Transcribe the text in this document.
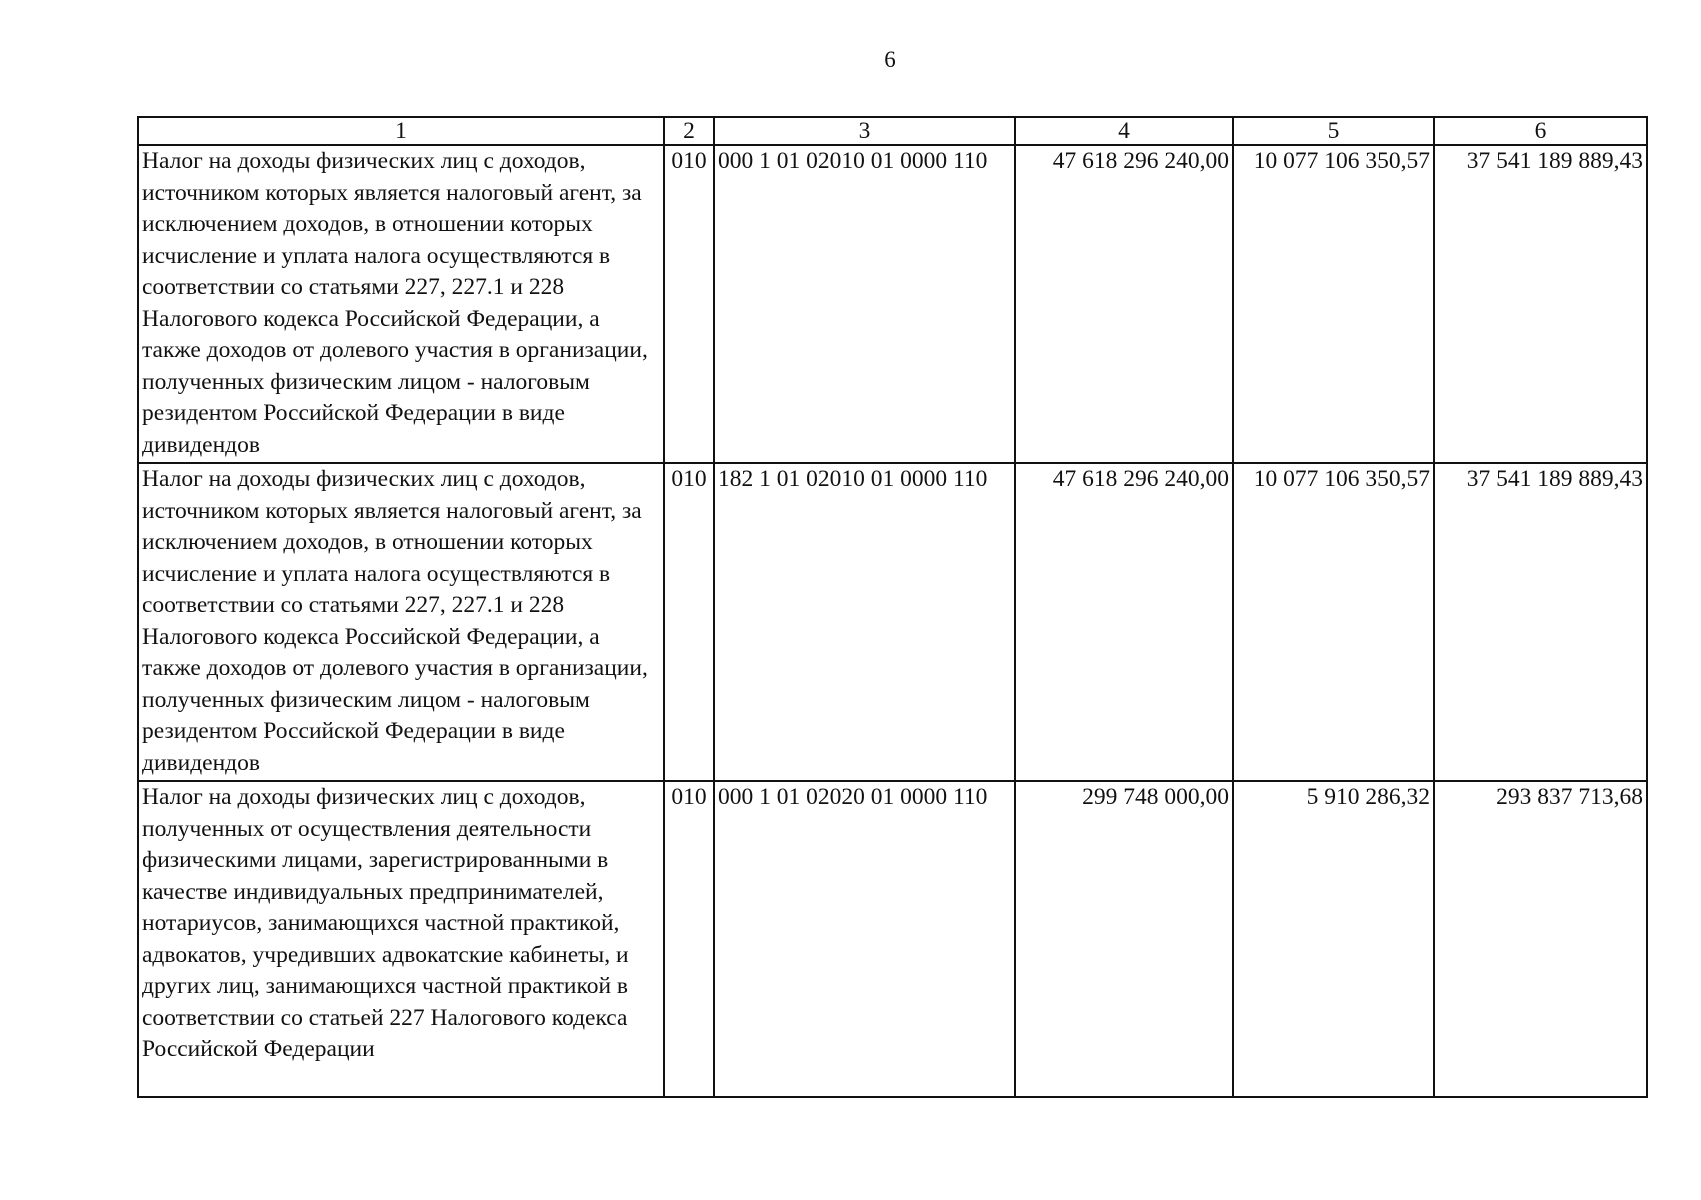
6
1	2	3	4	5	6
Налог на доходы физических лиц с доходов, источником которых является налоговый агент, за исключением доходов, в отношении которых исчисление и уплата налога осуществляются в соответствии со статьями 227, 227.1 и 228 Налогового кодекса Российской Федерации, а также доходов от долевого участия в организации, полученных физическим лицом - налоговым резидентом Российской Федерации в виде дивидендов	010	000 1 01 02010 01 0000 110	47 618 296 240,00	10 077 106 350,57	37 541 189 889,43
Налог на доходы физических лиц с доходов, источником которых является налоговый агент, за исключением доходов, в отношении которых исчисление и уплата налога осуществляются в соответствии со статьями 227, 227.1 и 228 Налогового кодекса Российской Федерации, а также доходов от долевого участия в организации, полученных физическим лицом - налоговым резидентом Российской Федерации в виде дивидендов	010	182 1 01 02010 01 0000 110	47 618 296 240,00	10 077 106 350,57	37 541 189 889,43
Налог на доходы физических лиц с доходов, полученных от осуществления деятельности физическими лицами, зарегистрированными в качестве индивидуальных предпринимателей, нотариусов, занимающихся частной практикой, адвокатов, учредивших адвокатские кабинеты, и других лиц, занимающихся частной практикой в соответствии со статьей 227 Налогового кодекса Российской Федерации	010	000 1 01 02020 01 0000 110	299 748 000,00	5 910 286,32	293 837 713,68
